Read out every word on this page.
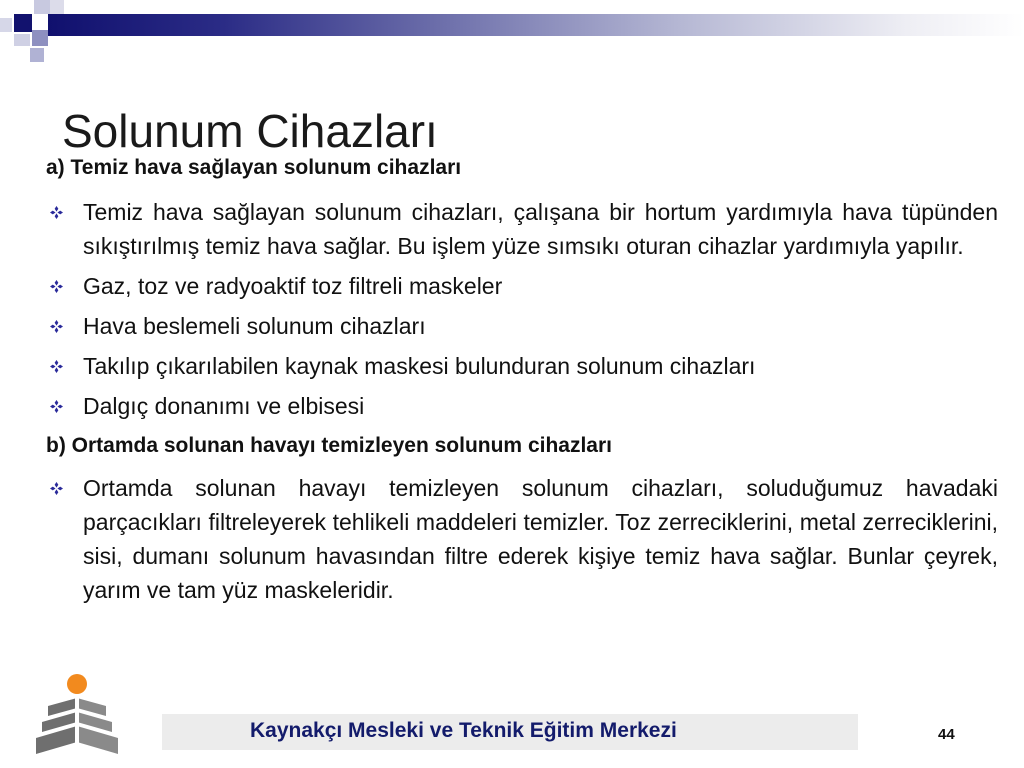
Solunum Cihazları

a) Temiz hava sağlayan solunum cihazları

Temiz hava sağlayan solunum cihazları, çalışana bir hortum yardımıyla hava tüpünden sıkıştırılmış temiz hava sağlar. Bu işlem yüze sımsıkı oturan cihazlar yardımıyla yapılır.
Gaz, toz ve radyoaktif toz filtreli maskeler
Hava beslemeli solunum cihazları
Takılıp çıkarılabilen kaynak maskesi bulunduran solunum cihazları
Dalgıç donanımı ve elbisesi

b) Ortamda solunan havayı temizleyen solunum cihazları

Ortamda solunan havayı temizleyen solunum cihazları, soluduğumuz havadaki parçacıkları filtreleyerek tehlikeli maddeleri temizler. Toz zerreciklerini, metal zerreciklerini, sisi, dumanı solunum havasından filtre ederek kişiye temiz hava sağlar. Bunlar çeyrek, yarım ve tam yüz maskeleridir.
Kaynakçı Mesleki ve Teknik Eğitim Merkezi	44
